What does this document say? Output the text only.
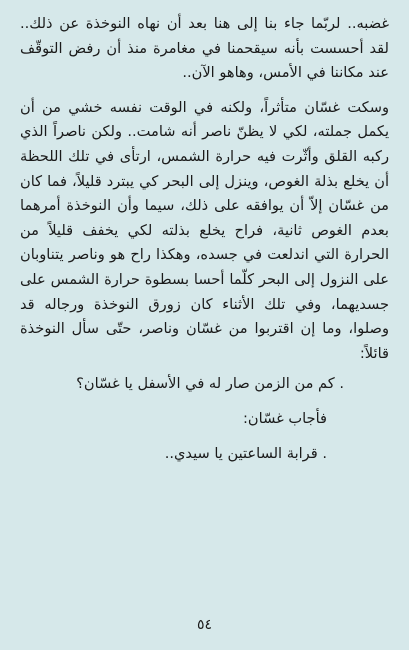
غضبه.. لربّما جاء بنا إلى هنا بعد أن نهاه النوخذة عن ذلك.. لقد أحسست بأنه سيقحمنا في مغامرة منذ أن رفض التوقّف عند مكاننا في الأمس، وهاهو الآن..

وسكت غسّان متأثراً، ولكنه في الوقت نفسه خشي من أن يكمل جملته، لكي لا يظنّ ناصر أنه شامت.. ولكن ناصراً الذي ركبه القلق وأثّرت فيه حرارة الشمس، ارتأى في تلك اللحظة أن يخلع بذلة الغوص، وينزل إلى البحر كي يبترد قليلاً، فما كان من غسّان إلاّ أن يوافقه على ذلك، سيما وأن النوخذة أمرهما بعدم الغوص ثانية، فراح يخلع بذلته لكي يخفف قليلاً من الحرارة التي اندلعت في جسده، وهكذا راح هو وناصر يتناوبان على النزول إلى البحر كلّما أحسا بسطوة حرارة الشمس على جسديهما، وفي تلك الأثناء كان زورق النوخذة ورجاله قد وصلوا، وما إن اقتربوا من غسّان وناصر، حتّى سأل النوخذة قائلاً:

. كم من الزمن صار له في الأسفل يا غسّان؟

فأجاب غسّان:

. قرابة الساعتين يا سيدي..

٥٤
